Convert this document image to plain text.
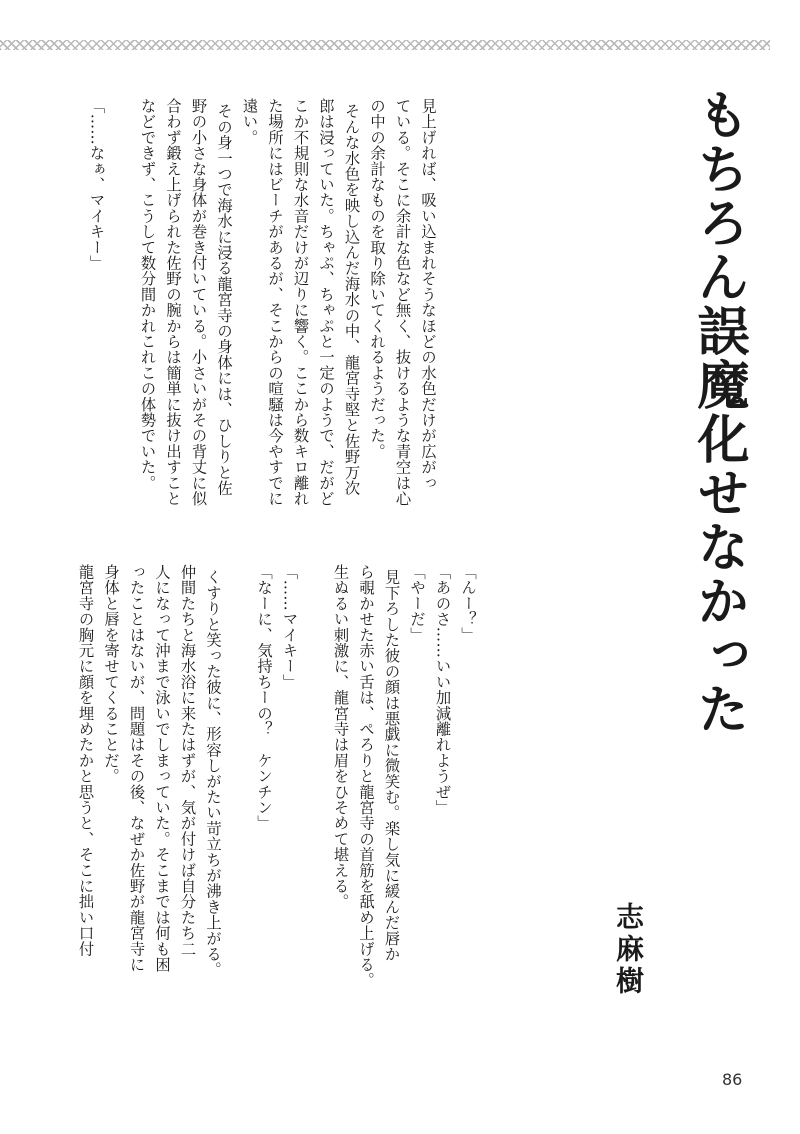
もちろん誤魔化せなかった
志麻樹
見上げれば、吸い込まれそうなほどの水色だけが広がっ
ている。そこに余計な色など無く、抜けるような青空は心
の中の余計なものを取り除いてくれるようだった。
そんな水色を映し込んだ海水の中、龍宮寺堅と佐野万次
郎は浸っていた。ちゃぷ、ちゃぷと一定のようで、だがど
こか不規則な水音だけが辺りに響く。ここから数キロ離れ
た場所にはビーチがあるが、そこからの喧騒は今やすでに
遠い。
その身一つで海水に浸る龍宮寺の身体には、ひしりと佐
野の小さな身体が巻き付いている。小さいがその背丈に似
合わず鍛え上げられた佐野の腕からは簡単に抜け出すこと
などできず、こうして数分間かれこれこの体勢でいた。

「……なぁ、マイキー」
「んー？」
「あのさ……いい加減離れようぜ」
「やーだ」
見下ろした彼の顔は悪戯に微笑む。楽し気に緩んだ唇か
ら覗かせた赤い舌は、ぺろりと龍宮寺の首筋を舐め上げる。
生ぬるい刺激に、龍宮寺は眉をひそめて堪える。

「……マイキー」
「なーに、気持ちーの？　ケンチン」

くすりと笑った彼に、形容しがたい苛立ちが沸き上がる。
仲間たちと海水浴に来たはずが、気が付けば自分たち二
人になって沖まで泳いでしまっていた。そこまでは何も困
ったことはないが、問題はその後、なぜか佐野が龍宮寺に
身体と唇を寄せてくることだ。
龍宮寺の胸元に顔を埋めたかと思うと、そこに拙い口付
86
